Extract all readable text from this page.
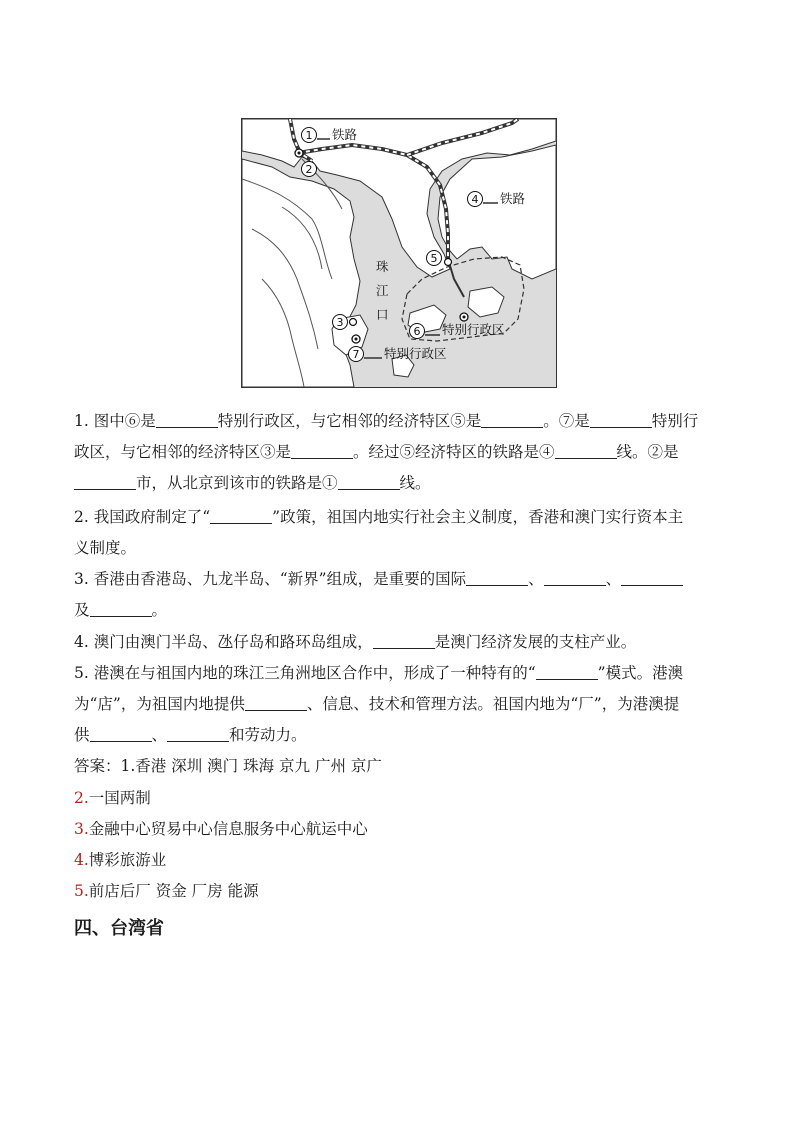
1
2
4
5
3
6
7
铁路
铁路
特别行政区
特别行政区
珠
江
口
1. 图中⑥是	特别行政区，与它相邻的经济特区⑤是	。⑦是	特别行
政区，与它相邻的经济特区③是	。经过⑤经济特区的铁路是④	线。②是
市，从北京到该市的铁路是①	线。
2. 我国政府制定了“	”政策，祖国内地实行社会主义制度，香港和澳门实行资本主
义制度。
3. 香港由香港岛、九龙半岛、“新界”组成，是重要的国际	、	、
及	。
4. 澳门由澳门半岛、氹仔岛和路环岛组成，	是澳门经济发展的支柱产业。
5. 港澳在与祖国内地的珠江三角洲地区合作中，形成了一种特有的“	”模式。港澳
为“店”，为祖国内地提供	、信息、技术和管理方法。祖国内地为“厂”，为港澳提
供	、	和劳动力。
答案：1.香港 深圳 澳门 珠海 京九 广州 京广
2.一国两制
3.金融中心贸易中心信息服务中心航运中心
4.博彩旅游业
5.前店后厂 资金 厂房 能源
四、台湾省
